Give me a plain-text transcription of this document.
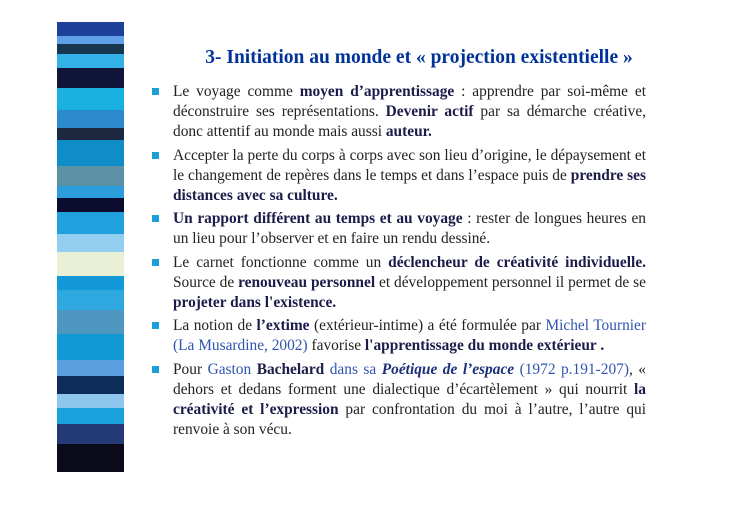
3- Initiation au monde et « projection existentielle »
Le voyage comme moyen d’apprentissage : apprendre par soi-même et déconstruire ses représentations. Devenir actif par sa démarche créative, donc attentif au monde mais aussi auteur.
Accepter la perte du corps à corps avec son lieu d’origine, le dépaysement et le changement de repères dans le temps et dans l’espace puis de prendre ses distances avec sa culture.
Un rapport différent au temps et au voyage : rester de longues heures en un lieu pour l’observer et en faire un rendu dessiné.
Le carnet fonctionne comme un déclencheur de créativité individuelle. Source de renouveau personnel et développement personnel il permet de se projeter dans l'existence.
La notion de l’extime (extérieur-intime) a été formulée par Michel Tournier (La Musardine, 2002) favorise l'apprentissage du monde extérieur .
Pour Gaston Bachelard dans sa Poétique de l’espace (1972 p.191-207), « dehors et dedans forment une dialectique d’écartèlement » qui nourrit la créativité et l’expression par confrontation du moi à l’autre, l’autre qui renvoie à son vécu.
